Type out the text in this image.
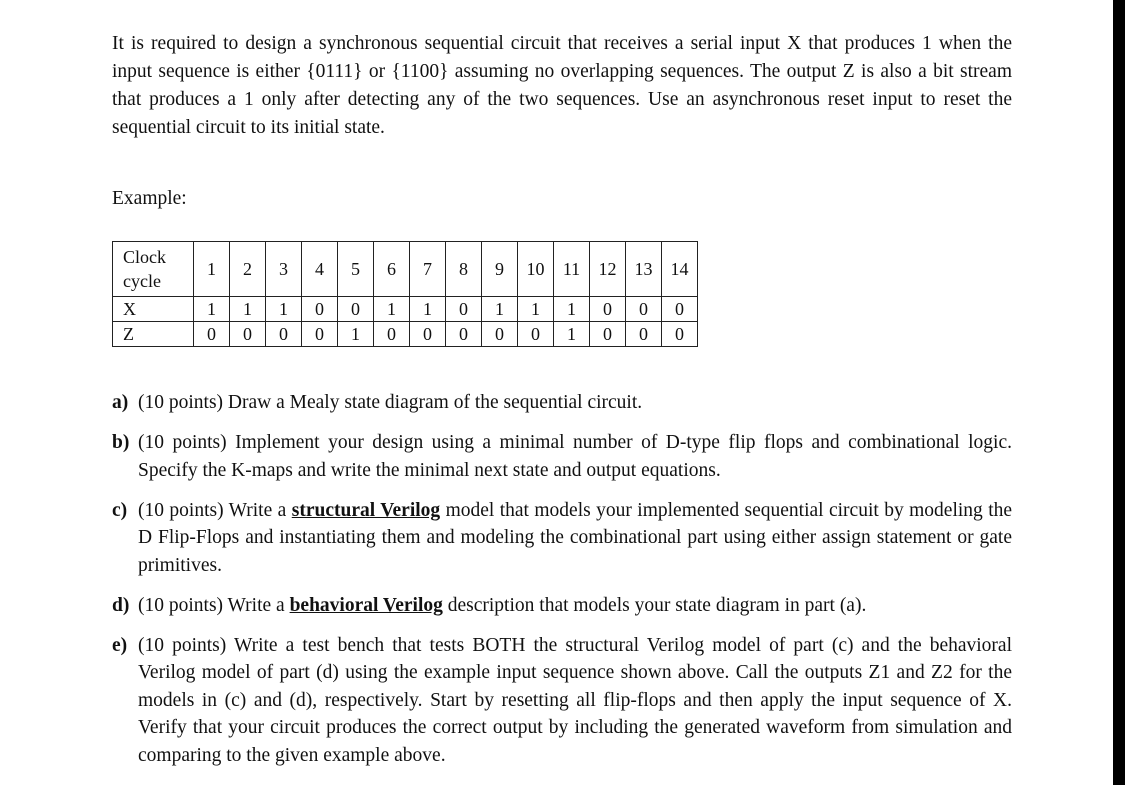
It is required to design a synchronous sequential circuit that receives a serial input X that produces 1 when the input sequence is either {0111} or {1100} assuming no overlapping sequences. The output Z is also a bit stream that produces a 1 only after detecting any of the two sequences. Use an asynchronous reset input to reset the sequential circuit to its initial state.

Example:

Clock cycle	1	2	3	4	5	6	7	8	9	10	11	12	13	14
X	1	1	1	0	0	1	1	0	1	1	1	0	0	0
Z	0	0	0	0	1	0	0	0	0	0	1	0	0	0

a) (10 points) Draw a Mealy state diagram of the sequential circuit.

b) (10 points) Implement your design using a minimal number of D-type flip flops and combinational logic. Specify the K-maps and write the minimal next state and output equations.

c) (10 points) Write a structural Verilog model that models your implemented sequential circuit by modeling the D Flip-Flops and instantiating them and modeling the combinational part using either assign statement or gate primitives.

d) (10 points) Write a behavioral Verilog description that models your state diagram in part (a).

e) (10 points) Write a test bench that tests BOTH the structural Verilog model of part (c) and the behavioral Verilog model of part (d) using the example input sequence shown above. Call the outputs Z1 and Z2 for the models in (c) and (d), respectively. Start by resetting all flip-flops and then apply the input sequence of X. Verify that your circuit produces the correct output by including the generated waveform from simulation and comparing to the given example above.
